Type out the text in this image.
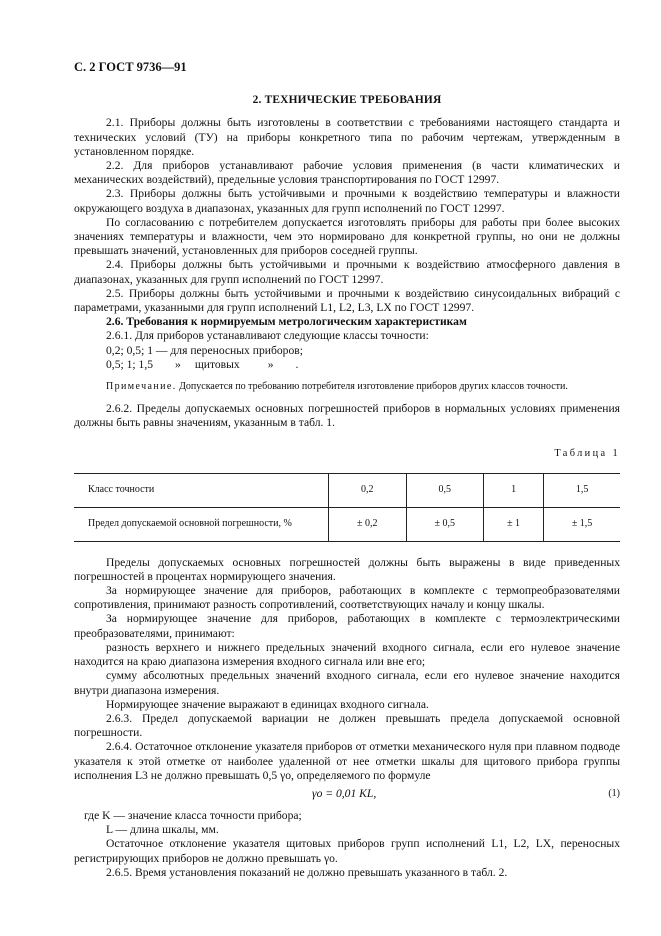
С. 2 ГОСТ 9736—91
2. ТЕХНИЧЕСКИЕ ТРЕБОВАНИЯ

2.1. Приборы должны быть изготовлены в соответствии с требованиями настоящего стандарта и технических условий (ТУ) на приборы конкретного типа по рабочим чертежам, утвержденным в установленном порядке.

2.2. Для приборов устанавливают рабочие условия применения (в части климатических и механических воздействий), предельные условия транспортирования по ГОСТ 12997.

2.3. Приборы должны быть устойчивыми и прочными к воздействию температуры и влажности окружающего воздуха в диапазонах, указанных для групп исполнений по ГОСТ 12997.

По согласованию с потребителем допускается изготовлять приборы для работы при более высоких значениях температуры и влажности, чем это нормировано для конкретной группы, но они не должны превышать значений, установленных для приборов соседней группы.

2.4. Приборы должны быть устойчивыми и прочными к воздействию атмосферного давления в диапазонах, указанных для групп исполнений по ГОСТ 12997.

2.5. Приборы должны быть устойчивыми и прочными к воздействию синусоидальных вибраций с параметрами, указанными для групп исполнений L1, L2, L3, LX по ГОСТ 12997.

2.6. Требования к нормируемым метрологическим характеристикам

2.6.1. Для приборов устанавливают следующие классы точности:

0,2; 0,5; 1 — для переносных приборов;

0,5; 1; 1,5 » щитовых » .

Примечание. Допускается по требованию потребителя изготовление приборов других классов точности.

2.6.2. Пределы допускаемых основных погрешностей приборов в нормальных условиях применения должны быть равны значениям, указанным в табл. 1.

Таблица 1
Класс точности	0,2	0,5	1	1,5
Предел допускаемой основной погрешности, %	± 0,2	± 0,5	± 1	± 1,5

Пределы допускаемых основных погрешностей должны быть выражены в виде приведенных погрешностей в процентах нормирующего значения.

За нормирующее значение для приборов, работающих в комплекте с термопреобразователями сопротивления, принимают разность сопротивлений, соответствующих началу и концу шкалы.

За нормирующее значение для приборов, работающих в комплекте с термоэлектрическими преобразователями, принимают:

разность верхнего и нижнего предельных значений входного сигнала, если его нулевое значение находится на краю диапазона измерения входного сигнала или вне его;

сумму абсолютных предельных значений входного сигнала, если его нулевое значение находится внутри диапазона измерения.

Нормирующее значение выражают в единицах входного сигнала.

2.6.3. Предел допускаемой вариации не должен превышать предела допускаемой основной погрешности.

2.6.4. Остаточное отклонение указателя приборов от отметки механического нуля при плавном подводе указателя к этой отметке от наиболее удаленной от нее отметки шкалы для щитового прибора группы исполнения L3 не должно превышать 0,5 γо, определяемого по формуле

γо = 0,01 KL,	(1)
где K — значение класса точности прибора;
L — длина шкалы, мм.

Остаточное отклонение указателя щитовых приборов групп исполнений L1, L2, LX, переносных регистрирующих приборов не должно превышать γо.

2.6.5. Время установления показаний не должно превышать указанного в табл. 2.
